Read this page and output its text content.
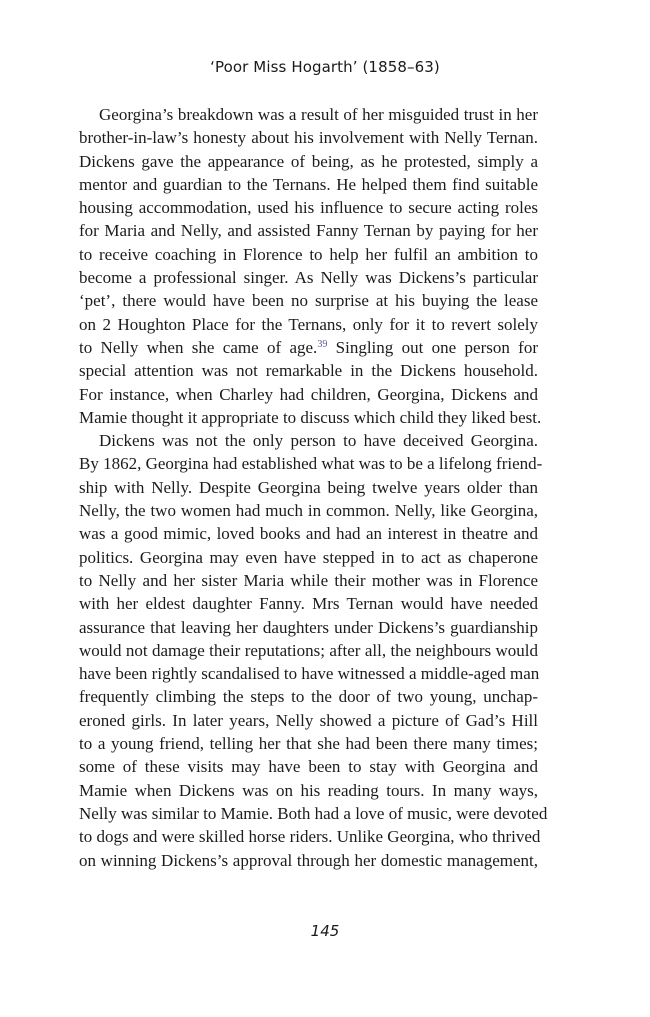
‘Poor Miss Hogarth’ (1858–63)
Georgina’s breakdown was a result of her misguided trust in her
brother-in-law’s honesty about his involvement with Nelly Ternan.
Dickens gave the appearance of being, as he protested, simply a
mentor and guardian to the Ternans. He helped them find suitable
housing accommodation, used his influence to secure acting roles
for Maria and Nelly, and assisted Fanny Ternan by paying for her
to receive coaching in Florence to help her fulfil an ambition to
become a professional singer. As Nelly was Dickens’s particular
‘pet’, there would have been no surprise at his buying the lease
on 2 Houghton Place for the Ternans, only for it to revert solely
to Nelly when she came of age.$^{39}$ Singling out one person for
special attention was not remarkable in the Dickens household.
For instance, when Charley had children, Georgina, Dickens and
Mamie thought it appropriate to discuss which child they liked best.
Dickens was not the only person to have deceived Georgina.
By 1862, Georgina had established what was to be a lifelong friend-
ship with Nelly. Despite Georgina being twelve years older than
Nelly, the two women had much in common. Nelly, like Georgina,
was a good mimic, loved books and had an interest in theatre and
politics. Georgina may even have stepped in to act as chaperone
to Nelly and her sister Maria while their mother was in Florence
with her eldest daughter Fanny. Mrs Ternan would have needed
assurance that leaving her daughters under Dickens’s guardianship
would not damage their reputations; after all, the neighbours would
have been rightly scandalised to have witnessed a middle-aged man
frequently climbing the steps to the door of two young, unchap-
eroned girls. In later years, Nelly showed a picture of Gad’s Hill
to a young friend, telling her that she had been there many times;
some of these visits may have been to stay with Georgina and
Mamie when Dickens was on his reading tours. In many ways,
Nelly was similar to Mamie. Both had a love of music, were devoted
to dogs and were skilled horse riders. Unlike Georgina, who thrived
on winning Dickens’s approval through her domestic management,
145
